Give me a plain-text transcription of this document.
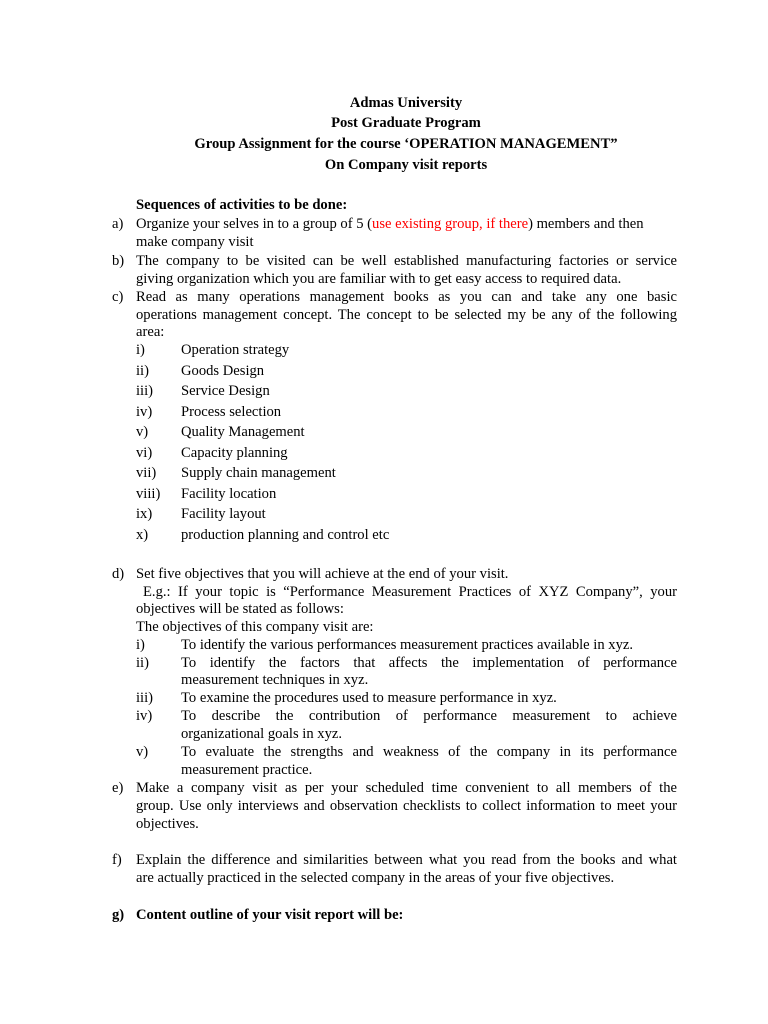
Admas University
Post Graduate Program
Group Assignment for the course ‘OPERATION MANAGEMENT”
On Company visit reports
Sequences of activities to be done:
a) Organize your selves in to a group of 5 (use existing group, if there) members and then
make company visit
b) The company to be visited can be well established manufacturing factories or service
giving organization which you are familiar with to get easy access to required data.
c) Read as many operations management books as you can and take any one basic
operations management concept. The concept to be selected my be any of the following
area:
i) Operation strategy
ii) Goods Design
iii) Service Design
iv) Process selection
v) Quality Management
vi) Capacity planning
vii) Supply chain management
viii) Facility location
ix) Facility layout
x) production planning and control etc
d) Set five objectives that you will achieve at the end of your visit.
E.g.: If your topic is “Performance Measurement Practices of XYZ Company”, your
objectives will be stated as follows:
The objectives of this company visit are:
i) To identify the various performances measurement practices available in xyz.
ii) To identify the factors that affects the implementation of performance
measurement techniques in xyz.
iii) To examine the procedures used to measure performance in xyz.
iv) To describe the contribution of performance measurement to achieve
organizational goals in xyz.
v) To evaluate the strengths and weakness of the company in its performance
measurement practice.
e) Make a company visit as per your scheduled time convenient to all members of the
group. Use only interviews and observation checklists to collect information to meet your
objectives.
f) Explain the difference and similarities between what you read from the books and what
are actually practiced in the selected company in the areas of your five objectives.
g) Content outline of your visit report will be:
